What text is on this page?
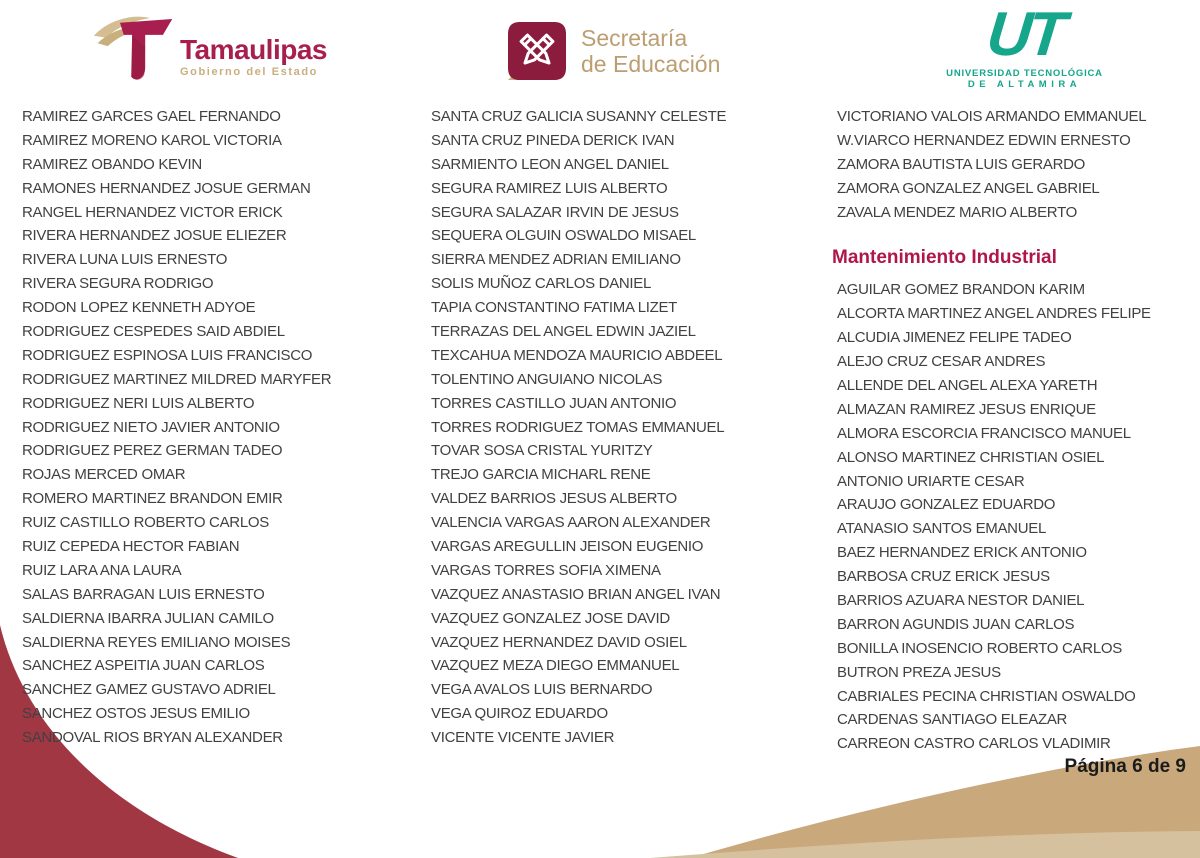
Tamaulipas
Gobierno del Estado
Secretaría
de Educación	UT
UNIVERSIDAD TECNOLÓGICA
DE ALTAMIRA
RAMIREZ GARCES GAEL FERNANDO
RAMIREZ MORENO KAROL VICTORIA
RAMIREZ OBANDO KEVIN
RAMONES HERNANDEZ JOSUE GERMAN
RANGEL HERNANDEZ VICTOR ERICK
RIVERA HERNANDEZ JOSUE ELIEZER
RIVERA LUNA LUIS ERNESTO
RIVERA SEGURA RODRIGO
RODON LOPEZ KENNETH ADYOE
RODRIGUEZ CESPEDES SAID ABDIEL
RODRIGUEZ ESPINOSA LUIS FRANCISCO
RODRIGUEZ MARTINEZ MILDRED MARYFER
RODRIGUEZ NERI LUIS ALBERTO
RODRIGUEZ NIETO JAVIER ANTONIO
RODRIGUEZ PEREZ GERMAN TADEO
ROJAS MERCED OMAR
ROMERO MARTINEZ BRANDON EMIR
RUIZ CASTILLO ROBERTO CARLOS
RUIZ CEPEDA HECTOR FABIAN
RUIZ LARA ANA LAURA
SALAS BARRAGAN LUIS ERNESTO
SALDIERNA IBARRA JULIAN CAMILO
SALDIERNA REYES EMILIANO MOISES
SANCHEZ ASPEITIA JUAN CARLOS
SANCHEZ GAMEZ GUSTAVO ADRIEL
SANCHEZ OSTOS JESUS EMILIO
SANDOVAL RIOS BRYAN ALEXANDER
SANTA CRUZ GALICIA SUSANNY CELESTE
SANTA CRUZ PINEDA DERICK IVAN
SARMIENTO LEON ANGEL DANIEL
SEGURA RAMIREZ LUIS ALBERTO
SEGURA SALAZAR IRVIN DE JESUS
SEQUERA OLGUIN OSWALDO MISAEL
SIERRA MENDEZ ADRIAN EMILIANO
SOLIS MUÑOZ CARLOS DANIEL
TAPIA CONSTANTINO FATIMA LIZET
TERRAZAS DEL ANGEL EDWIN JAZIEL
TEXCAHUA MENDOZA MAURICIO ABDEEL
TOLENTINO ANGUIANO NICOLAS
TORRES CASTILLO JUAN ANTONIO
TORRES RODRIGUEZ TOMAS EMMANUEL
TOVAR SOSA CRISTAL YURITZY
TREJO GARCIA MICHARL RENE
VALDEZ BARRIOS JESUS ALBERTO
VALENCIA VARGAS AARON ALEXANDER
VARGAS AREGULLIN JEISON EUGENIO
VARGAS TORRES SOFIA XIMENA
VAZQUEZ ANASTASIO BRIAN ANGEL IVAN
VAZQUEZ GONZALEZ JOSE DAVID
VAZQUEZ HERNANDEZ DAVID OSIEL
VAZQUEZ MEZA DIEGO EMMANUEL
VEGA AVALOS LUIS BERNARDO
VEGA QUIROZ EDUARDO
VICENTE VICENTE JAVIER
VICTORIANO VALOIS ARMANDO EMMANUEL
W.VIARCO HERNANDEZ EDWIN ERNESTO
ZAMORA BAUTISTA LUIS GERARDO
ZAMORA GONZALEZ ANGEL GABRIEL
ZAVALA MENDEZ MARIO ALBERTO
Mantenimiento Industrial
AGUILAR GOMEZ BRANDON KARIM
ALCORTA MARTINEZ ANGEL ANDRES FELIPE
ALCUDIA JIMENEZ FELIPE TADEO
ALEJO CRUZ CESAR ANDRES
ALLENDE DEL ANGEL ALEXA YARETH
ALMAZAN RAMIREZ JESUS ENRIQUE
ALMORA ESCORCIA FRANCISCO MANUEL
ALONSO MARTINEZ CHRISTIAN OSIEL
ANTONIO URIARTE CESAR
ARAUJO GONZALEZ EDUARDO
ATANASIO SANTOS EMANUEL
BAEZ HERNANDEZ ERICK ANTONIO
BARBOSA CRUZ ERICK JESUS
BARRIOS AZUARA NESTOR DANIEL
BARRON AGUNDIS JUAN CARLOS
BONILLA INOSENCIO ROBERTO CARLOS
BUTRON PREZA JESUS
CABRIALES PECINA CHRISTIAN OSWALDO
CARDENAS SANTIAGO ELEAZAR
CARREON CASTRO CARLOS VLADIMIR
Página 6 de 9
